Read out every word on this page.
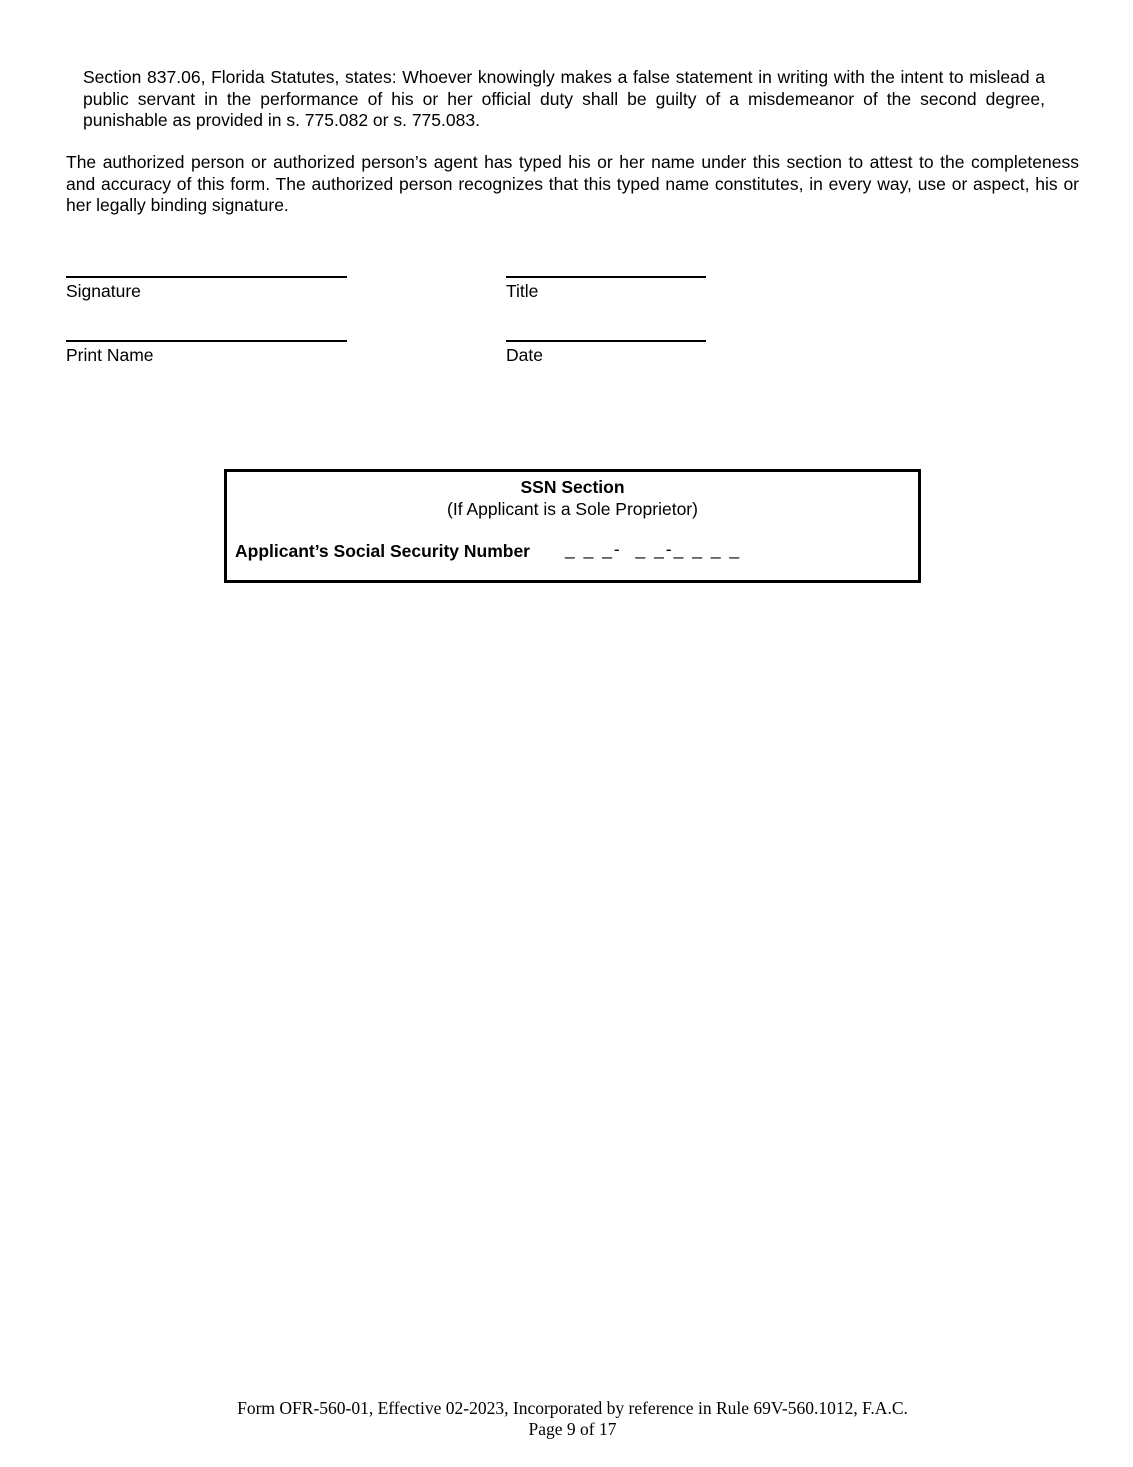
Section 837.06, Florida Statutes, states: Whoever knowingly makes a false statement in writing with the intent to mislead a public servant in the performance of his or her official duty shall be guilty of a misdemeanor of the second degree, punishable as provided in s. 775.082 or s. 775.083.
The authorized person or authorized person’s agent has typed his or her name under this section to attest to the completeness and accuracy of this form. The authorized person recognizes that this typed name constitutes, in every way, use or aspect, his or her legally binding signature.
Signature	Title
Print Name	Date
SSN Section
(If Applicant is a Sole Proprietor)
Applicant’s Social Security Number _ _ _-  _ _-_ _ _ _
Form OFR-560-01, Effective 02-2023, Incorporated by reference in Rule 69V-560.1012, F.A.C.
Page 9 of 17
